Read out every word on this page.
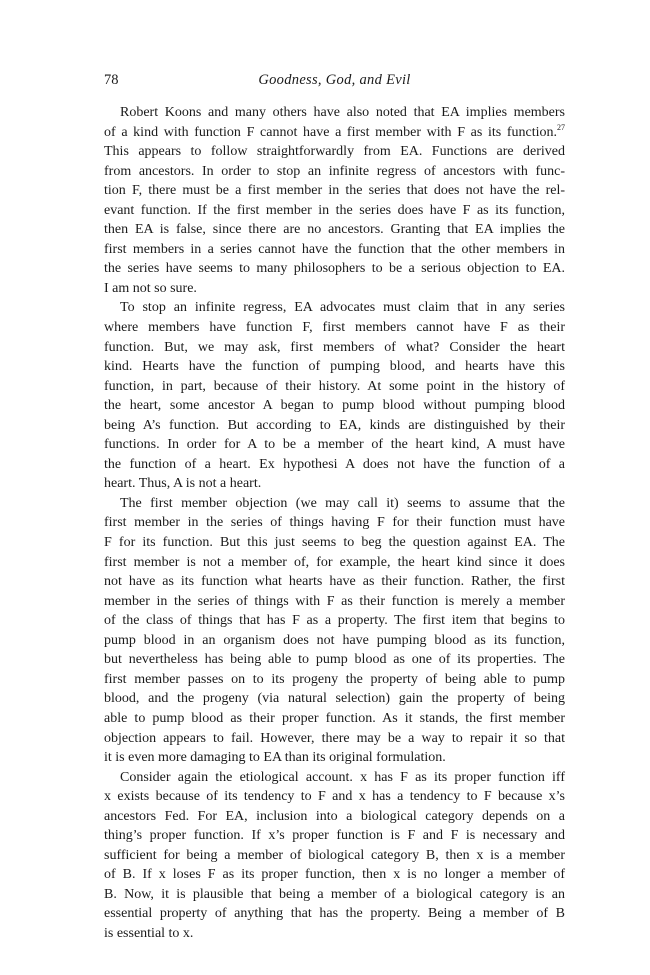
78	Goodness, God, and Evil

Robert Koons and many others have also noted that EA implies members
of a kind with function F cannot have a first member with F as its function.$^{27}$
This appears to follow straightforwardly from EA. Functions are derived
from ancestors. In order to stop an infinite regress of ancestors with func-
tion F, there must be a first member in the series that does not have the rel-
evant function. If the first member in the series does have F as its function,
then EA is false, since there are no ancestors. Granting that EA implies the
first members in a series cannot have the function that the other members in
the series have seems to many philosophers to be a serious objection to EA.
I am not so sure.

To stop an infinite regress, EA advocates must claim that in any series
where members have function F, first members cannot have F as their
function. But, we may ask, first members of what? Consider the heart
kind. Hearts have the function of pumping blood, and hearts have this
function, in part, because of their history. At some point in the history of
the heart, some ancestor A began to pump blood without pumping blood
being A’s function. But according to EA, kinds are distinguished by their
functions. In order for A to be a member of the heart kind, A must have
the function of a heart. Ex hypothesi A does not have the function of a
heart. Thus, A is not a heart.

The first member objection (we may call it) seems to assume that the
first member in the series of things having F for their function must have
F for its function. But this just seems to beg the question against EA. The
first member is not a member of, for example, the heart kind since it does
not have as its function what hearts have as their function. Rather, the first
member in the series of things with F as their function is merely a member
of the class of things that has F as a property. The first item that begins to
pump blood in an organism does not have pumping blood as its function,
but nevertheless has being able to pump blood as one of its properties. The
first member passes on to its progeny the property of being able to pump
blood, and the progeny (via natural selection) gain the property of being
able to pump blood as their proper function. As it stands, the first member
objection appears to fail. However, there may be a way to repair it so that
it is even more damaging to EA than its original formulation.

Consider again the etiological account. x has F as its proper function iff
x exists because of its tendency to F and x has a tendency to F because x’s
ancestors Fed. For EA, inclusion into a biological category depends on a
thing’s proper function. If x’s proper function is F and F is necessary and
sufficient for being a member of biological category B, then x is a member
of B. If x loses F as its proper function, then x is no longer a member of
B. Now, it is plausible that being a member of a biological category is an
essential property of anything that has the property. Being a member of B
is essential to x.
